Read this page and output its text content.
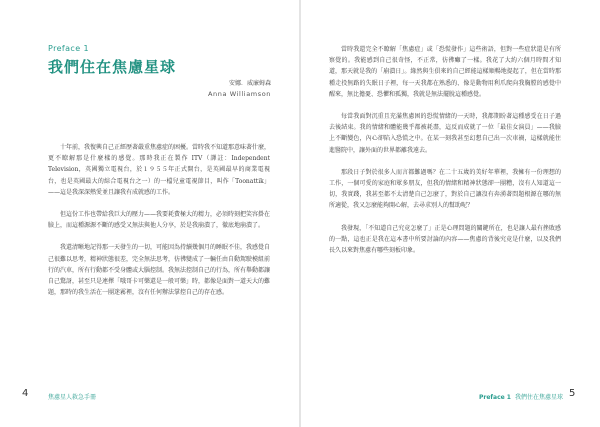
Preface 1
我們住在焦慮星球
安娜．威廉姆森
Anna Williamson

十年前，我復興自己正經歷著嚴重焦慮症的困擾。當時我不知道那意味著什麼，更不瞭解那是什麼樣的感覺。那時我正在製作 ITV（譯註：Independent Television，英國獨立電視台，於１９５５年正式開台，是英國最早的商業電視台，也是英國最大的綜合電視台之一）的一檔兒童電視節目，叫作「Toonattik」——這是我深深熱愛並且讓我有成就感的工作。

但這份工作也帶給我巨大的壓力——我要耗費極大的精力，必須時刻把笑容掛在臉上，而這種源源不斷的感受又無法與他人分享，於是我崩潰了，徹底地崩潰了。

我還清晰地記得那一天發生的一切，可能因為持續幾個月的睡眠不佳，我感覺自己很難以思考，精神狀態很差，完全無法思考，彷彿變成了一輛任由自動駕駛模組前行的汽車，所有行動都不受身體或大腦控制。我無法控制自己的行為，所有舉動都讓自己驚訝，甚至只是連擇「哦哥卡可樂還是一般可樂」時，都像是面對一道天大的難題，那時的我生活在一團迷霧裡，沒有任何辦法掌控自己的存在感。

4	焦慮星人救急手冊

當時我還完全不瞭解「焦慮症」或「恐慌發作」這些術語，但對一些症狀還是有所察覺的。我能感到自己很奇怪，不正常，彷彿癱了一樣。我花了大約六個月時間才知道，那天就是我的「崩潰日」。緣然與生俱來的自己經能這樣順暢地提起了，但在當時那種走投無路的失眠日子裡，每一天我都在熟悉的、像是動物用利爪爬向我胸膛的感覺中醒來，無比擔憂、恐懼和孤獨，我就是無法擺脫這種感覺。

每當我面對沉重且充滿焦慮困的恐慌情緒的一天時，我都期盼著這種感受在日子過去後結束。我的情緒和體能幾乎都被耗盡，這反而成就了一位「最佳女演員」——我臉上不斷變色，內心卻陷入恐慌之中。在某一刻我甚至幻想自己出一次車禍，這樣就能住進醫院中，讓外面的世界都離我遠去。

那段日子對於很多人而言都難過嗎？在二十五歲的美好年華裡，我擁有一份理想的工作，一個可愛的家庭和眾多朋友，但我的情緒和精神狀態卻一團糟，沒有人知道這一切，我實踐，我甚至都不太清楚自己怎麼了，對於自己讓沒有奔湧著問題根源在哪的無所適從，我又怎麼能夠開心解，去尋求別人的幫助呢？

我發現，「不知道自己究竟怎麼了」正是心理問題的關鍵所在，也是讓人最有挫敗感的一點，這也正是我在這本書中所要討論的內容——焦慮的背後究竟是什麼，以及我們長久以來對焦慮有哪些刻板印象。

Preface 1 我們住在焦慮星球 5
